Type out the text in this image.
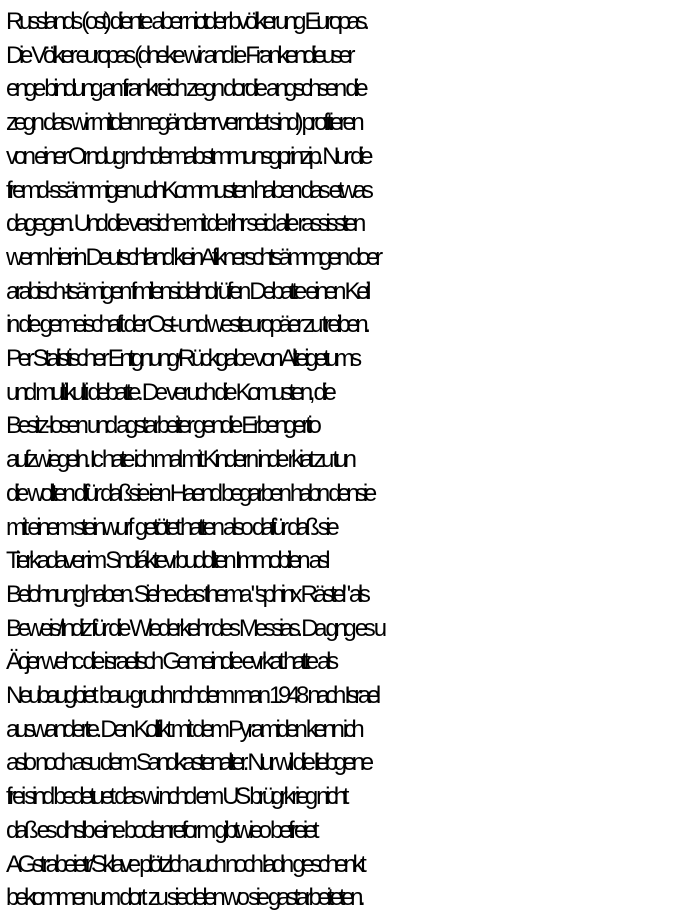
Russlands (ost) diente aber nictder bvölkerung Europas.
Die Völker europas (dneke wir and ie Frankendieuser
enge bindung an frankreich zegn dordie angschsen die
zegn das wir mitden negändenr verndet sind) profitieren
von einer Orndug nchdemabstmmunsgprinzip. Nur die
fremd-ssämmigen udnKommusten haben das etwas
dagegen. Und die versiche mit de rihr seid alle rassissten
wenn hier in Deutschland keinAfiknerschtsämmgen doer
arabisch-tsämigen fmilensidelndrüfen Debatte einen Keil
in die gemeischaft der Ost- und westeuropäer zu treiben.
Per Stalistischer Entgnung/Rückgabe von Alteigetums
und multikulti debatte. De veruch die Komusten, die
Besitz-losen und agstarbeiter gendie Erbengertio
aufzwiegeln. Ic hate ich mal mit Kindern inde rkiat zu tun
die wollten dfür daßsie ien Haend begarben habn densie
mit einem steinwurf  getötet hatten also dafür daß sie
Tierkadaver im Sndláktevrbuddlten Immobilen asl
Belohnung haben. Siehe das thema "sphinx Rästel" als
Beweis/Indiz für die Wiederkehr des Messias. Da gng es u
Äcjer wehc die israelisch Gemeindie evrkat hatte als
Neubaugbiet  bau-grudn nchdem man 1948 nach Israel
auswanderte. Den Kolfikt mit dem Pyramiden kenn ich
aslo noch asu dem Sandkastenalter. Nur wil die liebgene
frei sind bedetuet das wi nchd em US brügrkrieg nicht
daß es dhslb eine bodenreform gibtwieo befreiet
AGstrabeietr/Sklave plötzlch auch noch ladn geschenkt
bekommen um dort  zu siedelen wo sie gastarbeiteten.
